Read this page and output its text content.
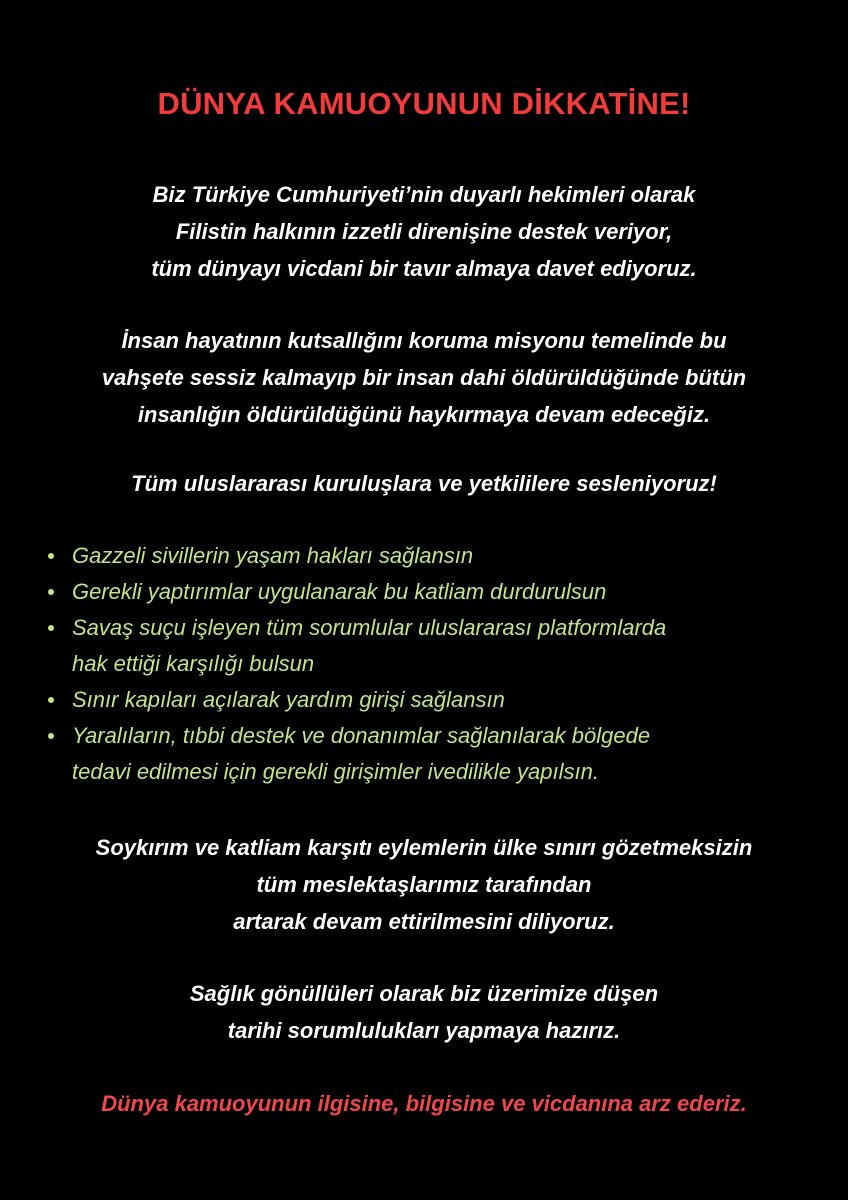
DÜNYA KAMUOYUNUN DİKKATİNE!

Biz Türkiye Cumhuriyeti’nin duyarlı hekimleri olarak
Filistin halkının izzetli direnişine destek veriyor,
tüm dünyayı vicdani bir tavır almaya davet ediyoruz.

İnsan hayatının kutsallığını koruma misyonu temelinde bu
vahşete sessiz kalmayıp bir insan dahi öldürüldüğünde bütün
insanlığın öldürüldüğünü haykırmaya devam edeceğiz.

Tüm uluslararası kuruluşlara ve yetkililere sesleniyoruz!

Gazzeli sivillerin yaşam hakları sağlansın
Gerekli yaptırımlar uygulanarak bu katliam durdurulsun
Savaş suçu işleyen tüm sorumlular uluslararası platformlarda
hak ettiği karşılığı bulsun
Sınır kapıları açılarak yardım girişi sağlansın
Yaralıların, tıbbi destek ve donanımlar sağlanılarak bölgede
tedavi edilmesi için gerekli girişimler ivedilikle yapılsın.

Soykırım ve katliam karşıtı eylemlerin ülke sınırı gözetmeksizin
tüm meslektaşlarımız tarafından
artarak devam ettirilmesini diliyoruz.

Sağlık gönüllüleri olarak biz üzerimize düşen
tarihi sorumlulukları yapmaya hazırız.

Dünya kamuoyunun ilgisine, bilgisine ve vicdanına arz ederiz.
